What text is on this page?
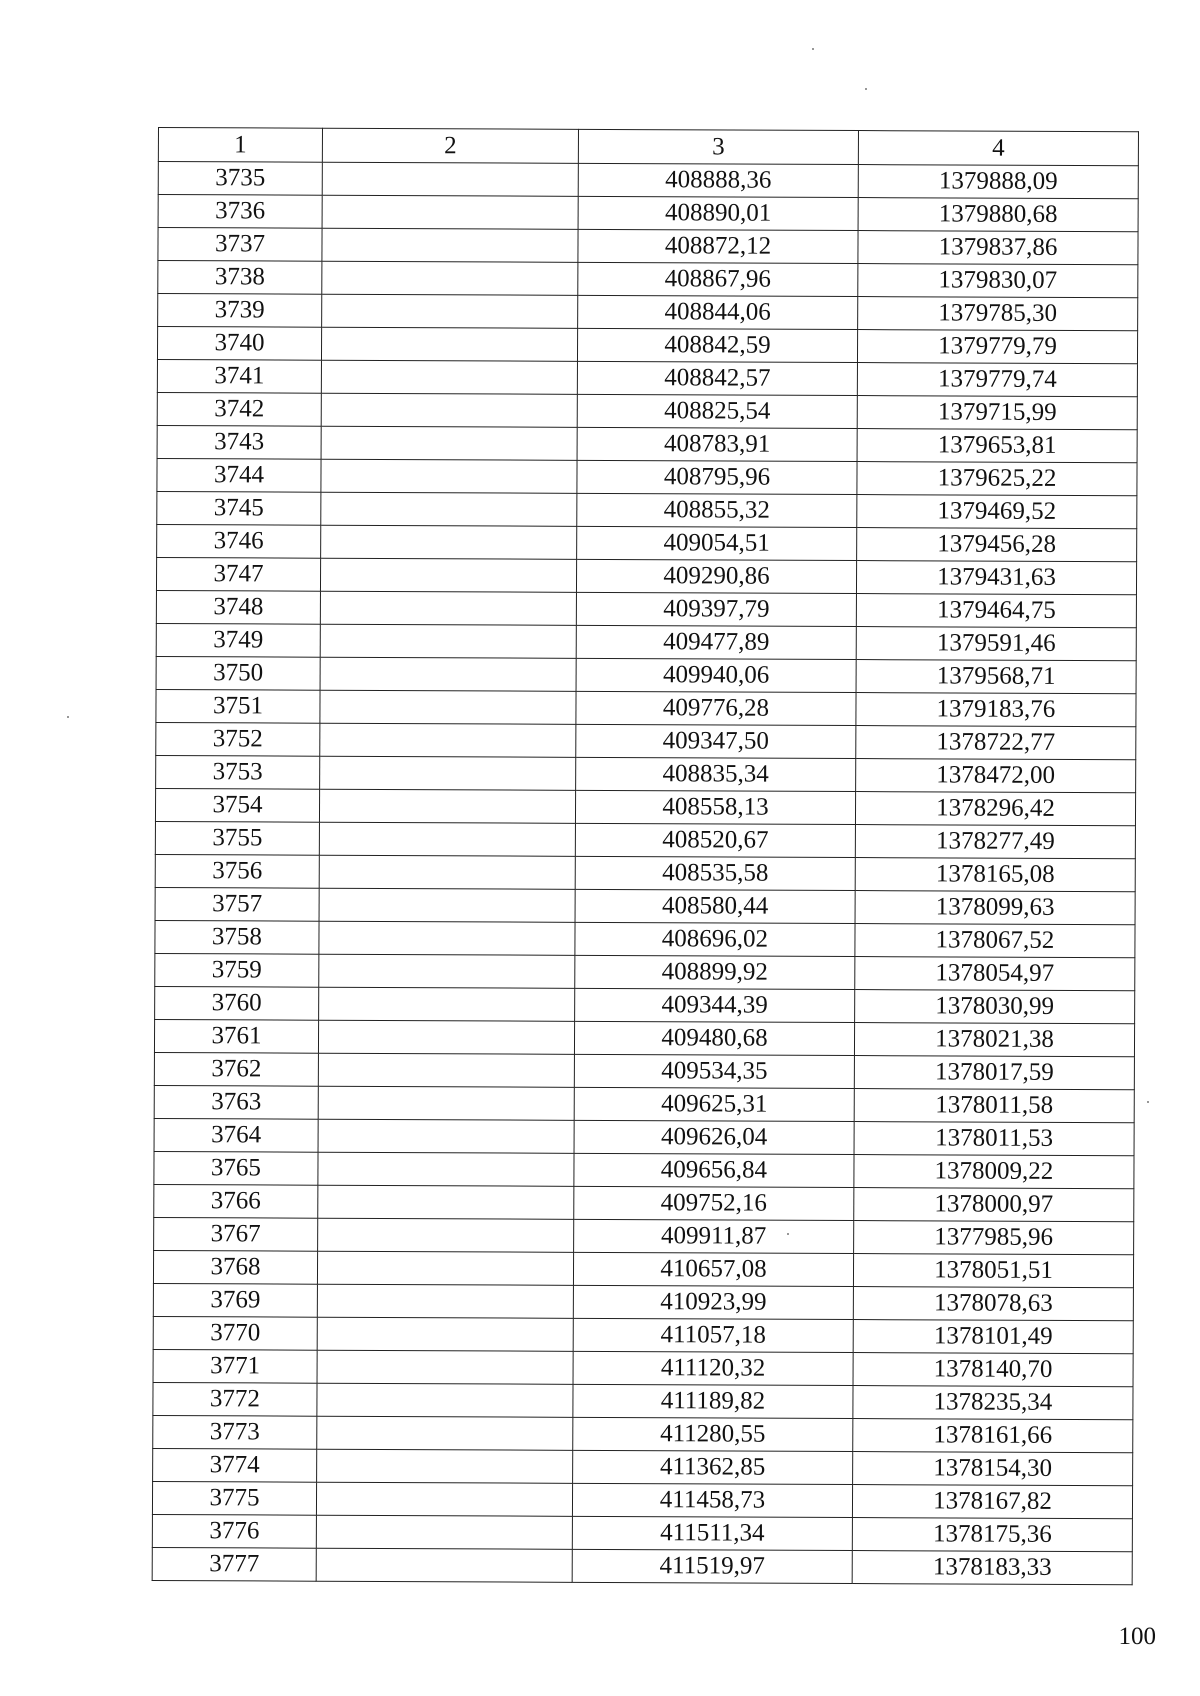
1	2	3	4
3735		408888,36	1379888,09
3736		408890,01	1379880,68
3737		408872,12	1379837,86
3738		408867,96	1379830,07
3739		408844,06	1379785,30
3740		408842,59	1379779,79
3741		408842,57	1379779,74
3742		408825,54	1379715,99
3743		408783,91	1379653,81
3744		408795,96	1379625,22
3745		408855,32	1379469,52
3746		409054,51	1379456,28
3747		409290,86	1379431,63
3748		409397,79	1379464,75
3749		409477,89	1379591,46
3750		409940,06	1379568,71
3751		409776,28	1379183,76
3752		409347,50	1378722,77
3753		408835,34	1378472,00
3754		408558,13	1378296,42
3755		408520,67	1378277,49
3756		408535,58	1378165,08
3757		408580,44	1378099,63
3758		408696,02	1378067,52
3759		408899,92	1378054,97
3760		409344,39	1378030,99
3761		409480,68	1378021,38
3762		409534,35	1378017,59
3763		409625,31	1378011,58
3764		409626,04	1378011,53
3765		409656,84	1378009,22
3766		409752,16	1378000,97
3767		409911,87	1377985,96
3768		410657,08	1378051,51
3769		410923,99	1378078,63
3770		411057,18	1378101,49
3771		411120,32	1378140,70
3772		411189,82	1378235,34
3773		411280,55	1378161,66
3774		411362,85	1378154,30
3775		411458,73	1378167,82
3776		411511,34	1378175,36
3777		411519,97	1378183,33
100
